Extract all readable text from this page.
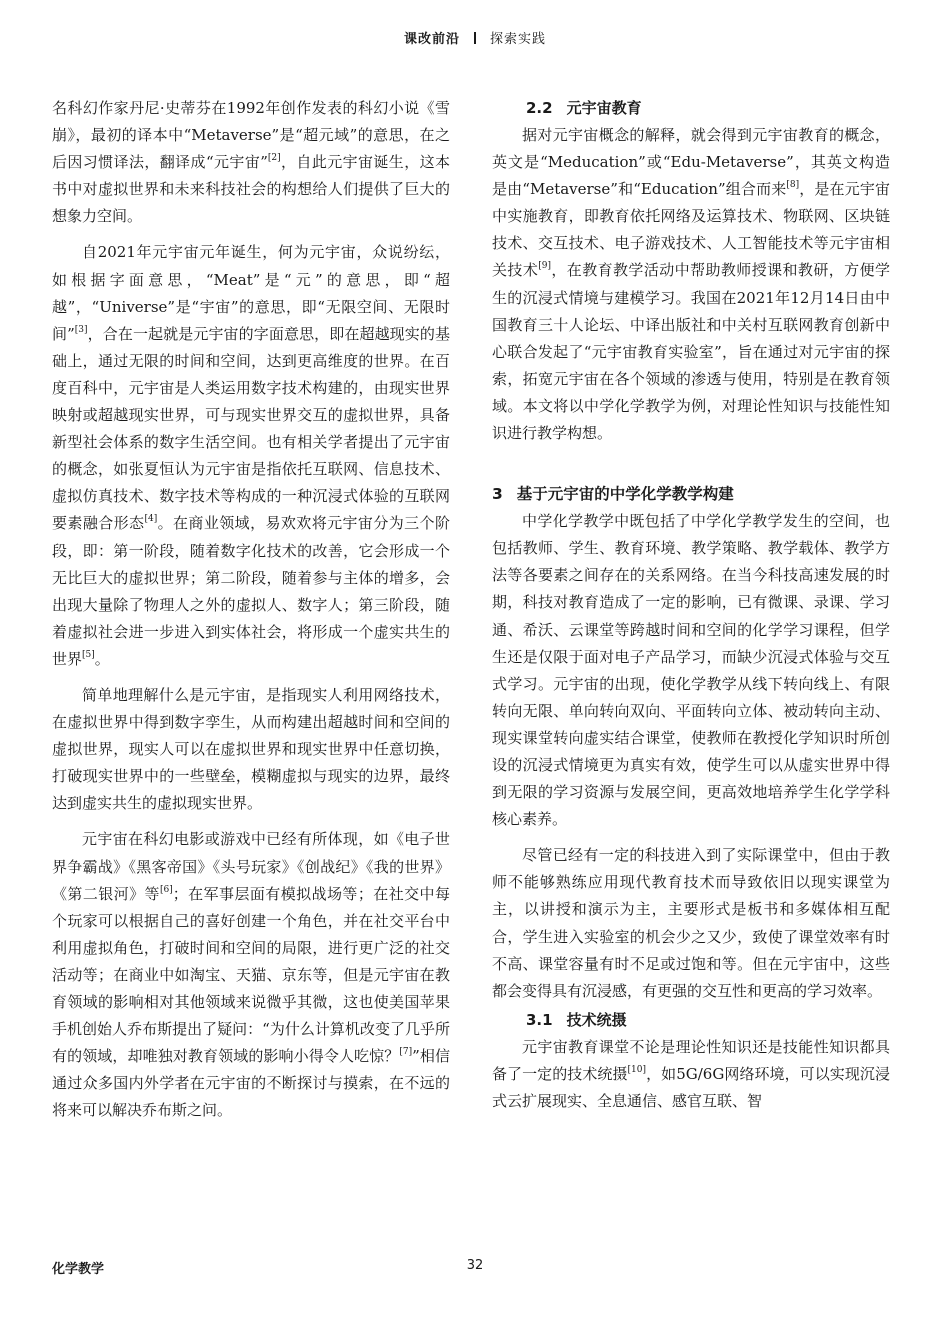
课改前沿 探索实践

名科幻作家丹尼·史蒂芬在1992年创作发表的科幻小说《雪崩》，最初的译本中“Metaverse”是“超元域”的意思，在之后因习惯译法，翻译成“元宇宙”[2]，自此元宇宙诞生，这本书中对虚拟世界和未来科技社会的构想给人们提供了巨大的想象力空间。

自2021年元宇宙元年诞生，何为元宇宙，众说纷纭，如根据字面意思，“Meat”是“元”的意思，即“超越”，“Universe”是“宇宙”的意思，即“无限空间、无限时间”[3]，合在一起就是元宇宙的字面意思，即在超越现实的基础上，通过无限的时间和空间，达到更高维度的世界。在百度百科中，元宇宙是人类运用数字技术构建的，由现实世界映射或超越现实世界，可与现实世界交互的虚拟世界，具备新型社会体系的数字生活空间。也有相关学者提出了元宇宙的概念，如张夏恒认为元宇宙是指依托互联网、信息技术、虚拟仿真技术、数字技术等构成的一种沉浸式体验的互联网要素融合形态[4]。在商业领域，易欢欢将元宇宙分为三个阶段，即：第一阶段，随着数字化技术的改善，它会形成一个无比巨大的虚拟世界；第二阶段，随着参与主体的增多，会出现大量除了物理人之外的虚拟人、数字人；第三阶段，随着虚拟社会进一步进入到实体社会，将形成一个虚实共生的世界[5]。

简单地理解什么是元宇宙，是指现实人利用网络技术，在虚拟世界中得到数字孪生，从而构建出超越时间和空间的虚拟世界，现实人可以在虚拟世界和现实世界中任意切换，打破现实世界中的一些壁垒，模糊虚拟与现实的边界，最终达到虚实共生的虚拟现实世界。

元宇宙在科幻电影或游戏中已经有所体现，如《电子世界争霸战》《黑客帝国》《头号玩家》《创战纪》《我的世界》《第二银河》等[6]；在军事层面有模拟战场等；在社交中每个玩家可以根据自己的喜好创建一个角色，并在社交平台中利用虚拟角色，打破时间和空间的局限，进行更广泛的社交活动等；在商业中如淘宝、天猫、京东等，但是元宇宙在教育领域的影响相对其他领域来说微乎其微，这也使美国苹果手机创始人乔布斯提出了疑问：“为什么计算机改变了几乎所有的领域，却唯独对教育领域的影响小得令人吃惊？[7]”相信通过众多国内外学者在元宇宙的不断探讨与摸索，在不远的将来可以解决乔布斯之问。

2.2 元宇宙教育

据对元宇宙概念的解释，就会得到元宇宙教育的概念，英文是“Meducation”或“Edu-Metaverse”，其英文构造是由“Metaverse”和“Education”组合而来[8]，是在元宇宙中实施教育，即教育依托网络及运算技术、物联网、区块链技术、交互技术、电子游戏技术、人工智能技术等元宇宙相关技术[9]，在教育教学活动中帮助教师授课和教研，方便学生的沉浸式情境与建模学习。我国在2021年12月14日由中国教育三十人论坛、中译出版社和中关村互联网教育创新中心联合发起了“元宇宙教育实验室”，旨在通过对元宇宙的探索，拓宽元宇宙在各个领域的渗透与使用，特别是在教育领域。本文将以中学化学教学为例，对理论性知识与技能性知识进行教学构想。

3 基于元宇宙的中学化学教学构建

中学化学教学中既包括了中学化学教学发生的空间，也包括教师、学生、教育环境、教学策略、教学载体、教学方法等各要素之间存在的关系网络。在当今科技高速发展的时期，科技对教育造成了一定的影响，已有微课、录课、学习通、希沃、云课堂等跨越时间和空间的化学学习课程，但学生还是仅限于面对电子产品学习，而缺少沉浸式体验与交互式学习。元宇宙的出现，使化学教学从线下转向线上、有限转向无限、单向转向双向、平面转向立体、被动转向主动、现实课堂转向虚实结合课堂，使教师在教授化学知识时所创设的沉浸式情境更为真实有效，使学生可以从虚实世界中得到无限的学习资源与发展空间，更高效地培养学生化学学科核心素养。

尽管已经有一定的科技进入到了实际课堂中，但由于教师不能够熟练应用现代教育技术而导致依旧以现实课堂为主，以讲授和演示为主，主要形式是板书和多媒体相互配合，学生进入实验室的机会少之又少，致使了课堂效率有时不高、课堂容量有时不足或过饱和等。但在元宇宙中，这些都会变得具有沉浸感，有更强的交互性和更高的学习效率。

3.1 技术统摄

元宇宙教育课堂不论是理论性知识还是技能性知识都具备了一定的技术统摄[10]，如5G/6G网络环境，可以实现沉浸式云扩展现实、全息通信、感官互联、智

化学教学	32
